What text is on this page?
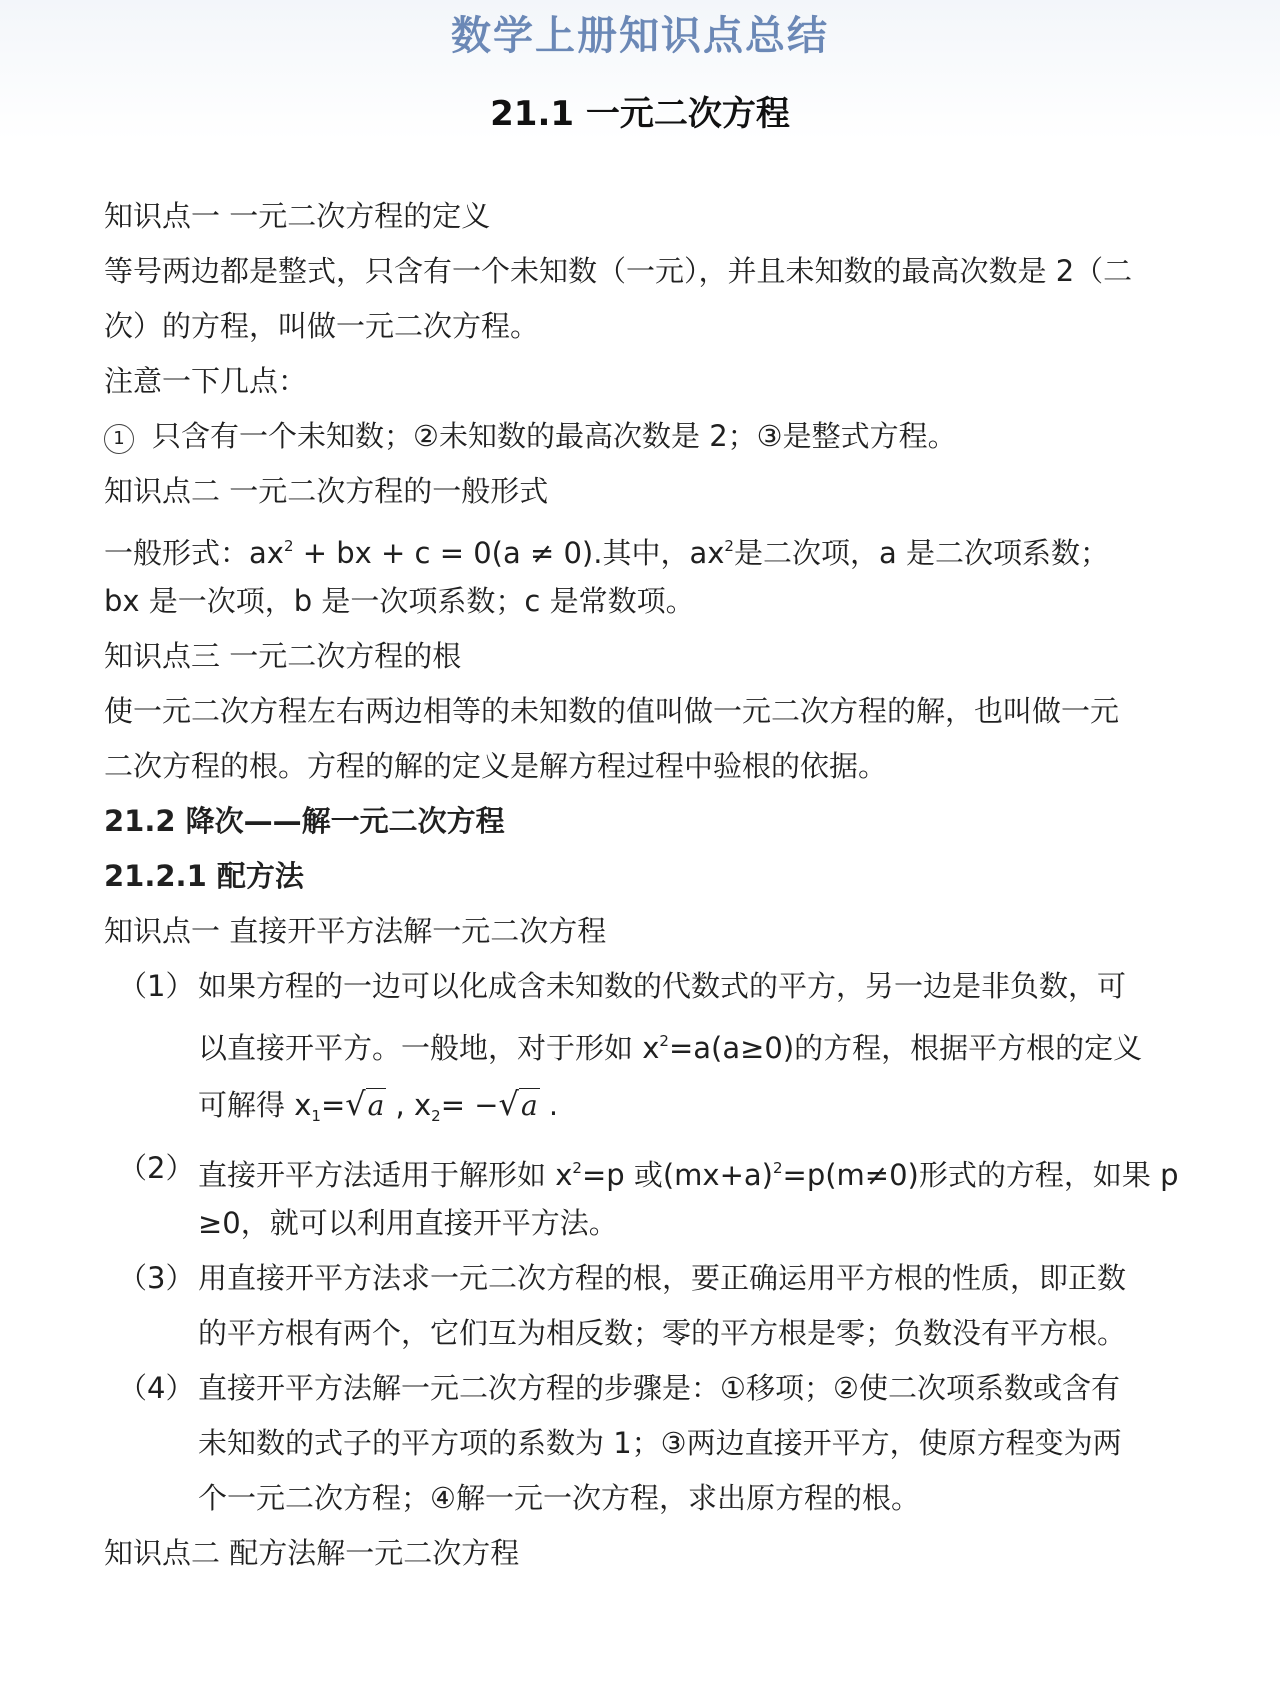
数学上册知识点总结
21.1 一元二次方程
知识点一 一元二次方程的定义
等号两边都是整式，只含有一个未知数（一元），并且未知数的最高次数是 2（二
次）的方程，叫做一元二次方程。
注意一下几点：
1 只含有一个未知数；②未知数的最高次数是 2；③是整式方程。
知识点二 一元二次方程的一般形式
一般形式：$ax^2$ + bx + c = 0(a ≠ 0).其中，$ax^2$是二次项，a 是二次项系数；
bx 是一次项，b 是一次项系数；c 是常数项。
知识点三 一元二次方程的根
使一元二次方程左右两边相等的未知数的值叫做一元二次方程的解，也叫做一元
二次方程的根。方程的解的定义是解方程过程中验根的依据。
21.2 降次——解一元二次方程
21.2.1 配方法
知识点一 直接开平方法解一元二次方程
（1） 如果方程的一边可以化成含未知数的代数式的平方，另一边是非负数，可
以直接开平方。一般地，对于形如 $x^2=a(a\ge 0)$的方程，根据平方根的定义
可解得 $x_1=√a$ , $x_2= -√a$ .
（2） 直接开平方法适用于解形如 $x^2=p$ 或$(mx+a)^2=p(m\ne 0)$形式的方程，如果 p
≥0，就可以利用直接开平方法。
（3） 用直接开平方法求一元二次方程的根，要正确运用平方根的性质，即正数
的平方根有两个，它们互为相反数；零的平方根是零；负数没有平方根。
（4） 直接开平方法解一元二次方程的步骤是：①移项；②使二次项系数或含有
未知数的式子的平方项的系数为 1；③两边直接开平方，使原方程变为两
个一元二次方程；④解一元一次方程，求出原方程的根。
知识点二 配方法解一元二次方程
